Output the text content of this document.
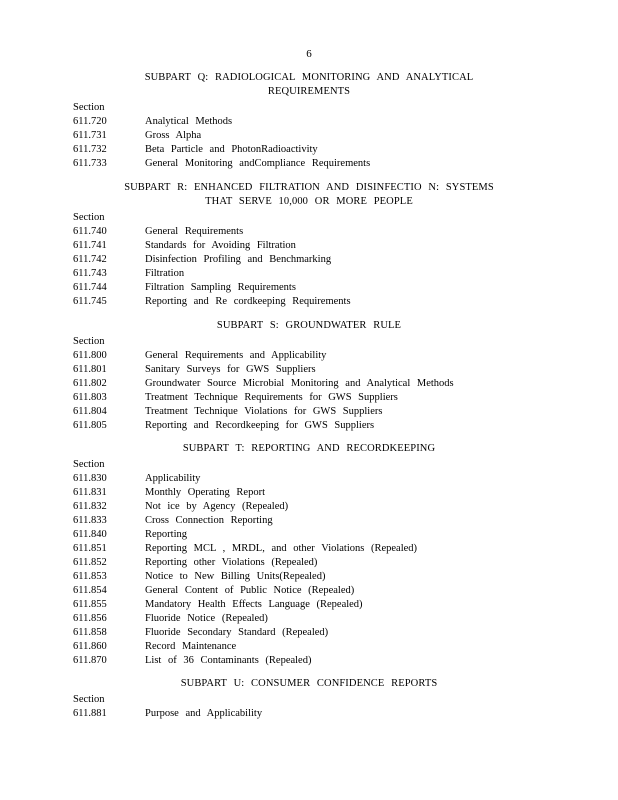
6
SUBPART Q: RADIOLOGICAL MONITORING AND ANALYTICAL
REQUIREMENTS
Section
611.720	Analytical Methods
611.731	Gross Alpha
611.732	Beta Particle and PhotonRadioactivity
611.733	General Monitoring andCompliance Requirements
SUBPART R: ENHANCED FILTRATION AND DISINFECTIO N: SYSTEMS
THAT SERVE 10,000 OR MORE PEOPLE
Section
611.740	General Requirements
611.741	Standards for Avoiding Filtration
611.742	Disinfection Profiling and Benchmarking
611.743	Filtration
611.744	Filtration Sampling Requirements
611.745	Reporting and Re cordkeeping Requirements
SUBPART S: GROUNDWATER RULE
Section
611.800	General Requirements and Applicability
611.801	Sanitary Surveys for GWS Suppliers
611.802	Groundwater Source Microbial Monitoring and Analytical Methods
611.803	Treatment Technique Requirements for GWS Suppliers
611.804	Treatment Technique Violations for GWS Suppliers
611.805	Reporting and Recordkeeping for GWS Suppliers
SUBPART T: REPORTING AND RECORDKEEPING
Section
611.830	Applicability
611.831	Monthly Operating Report
611.832	Not ice by Agency (Repealed)
611.833	Cross Connection Reporting
611.840	Reporting
611.851	Reporting MCL , MRDL, and other Violations (Repealed)
611.852	Reporting other Violations (Repealed)
611.853	Notice to New Billing Units(Repealed)
611.854	General Content of Public Notice (Repealed)
611.855	Mandatory Health Effects Language (Repealed)
611.856	Fluoride Notice (Repealed)
611.858	Fluoride Secondary Standard (Repealed)
611.860	Record Maintenance
611.870	List of 36 Contaminants (Repealed)
SUBPART U: CONSUMER CONFIDENCE REPORTS
Section
611.881	Purpose and Applicability
